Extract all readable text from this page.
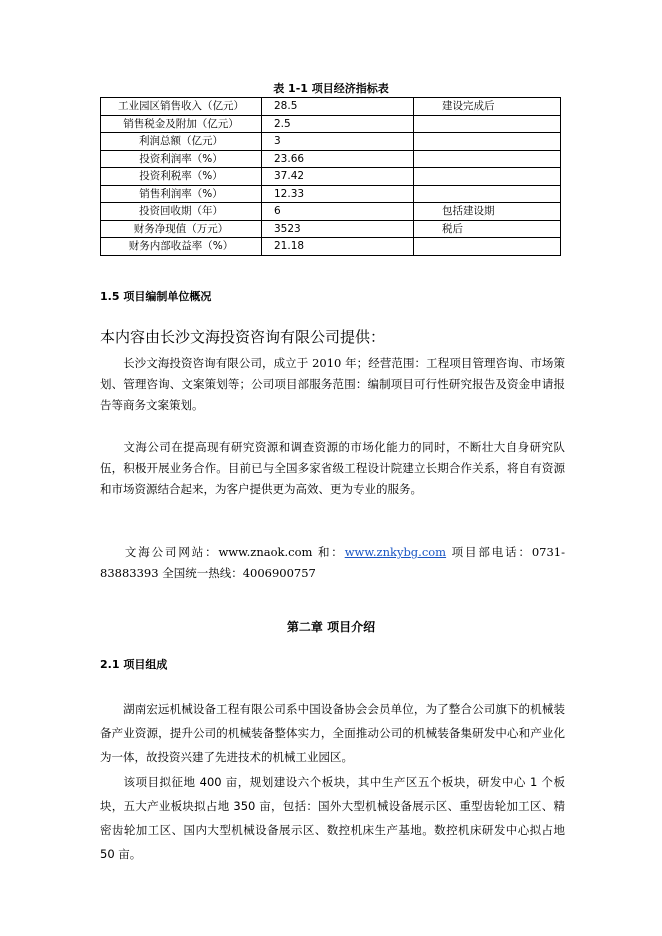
表 1-1 项目经济指标表
工业园区销售收入（亿元）	28.5	建设完成后
销售税金及附加（亿元）	2.5	
利润总额（亿元）	3	
投资利润率（%）	23.66	
投资利税率（%）	37.42	
销售利润率（%）	12.33	
投资回收期（年）	6	包括建设期
财务净现值（万元）	3523	税后
财务内部收益率（%）	21.18	
1.5 项目编制单位概况
本内容由长沙文海投资咨询有限公司提供：
长沙文海投资咨询有限公司，成立于 2010 年；经营范围：工程项目管理咨询、市场策划、管理咨询、文案策划等；公司项目部服务范围：编制项目可行性研究报告及资金申请报告等商务文案策划。
文海公司在提高现有研究资源和调查资源的市场化能力的同时，不断壮大自身研究队伍，积极开展业务合作。目前已与全国多家省级工程设计院建立长期合作关系，将自有资源和市场资源结合起来，为客户提供更为高效、更为专业的服务。
文海公司网站：www.znaok.com 和：www.znkybg.com 项目部电话：0731-83883393 全国统一热线：4006900757
第二章 项目介绍
2.1 项目组成
湖南宏远机械设备工程有限公司系中国设备协会会员单位，为了整合公司旗下的机械装备产业资源，提升公司的机械装备整体实力，全面推动公司的机械装备集研发中心和产业化为一体，故投资兴建了先进技术的机械工业园区。
该项目拟征地 400 亩，规划建设六个板块，其中生产区五个板块，研发中心 1 个板块，五大产业板块拟占地 350 亩，包括：国外大型机械设备展示区、重型齿轮加工区、精密齿轮加工区、国内大型机械设备展示区、数控机床生产基地。数控机床研发中心拟占地 50 亩。
